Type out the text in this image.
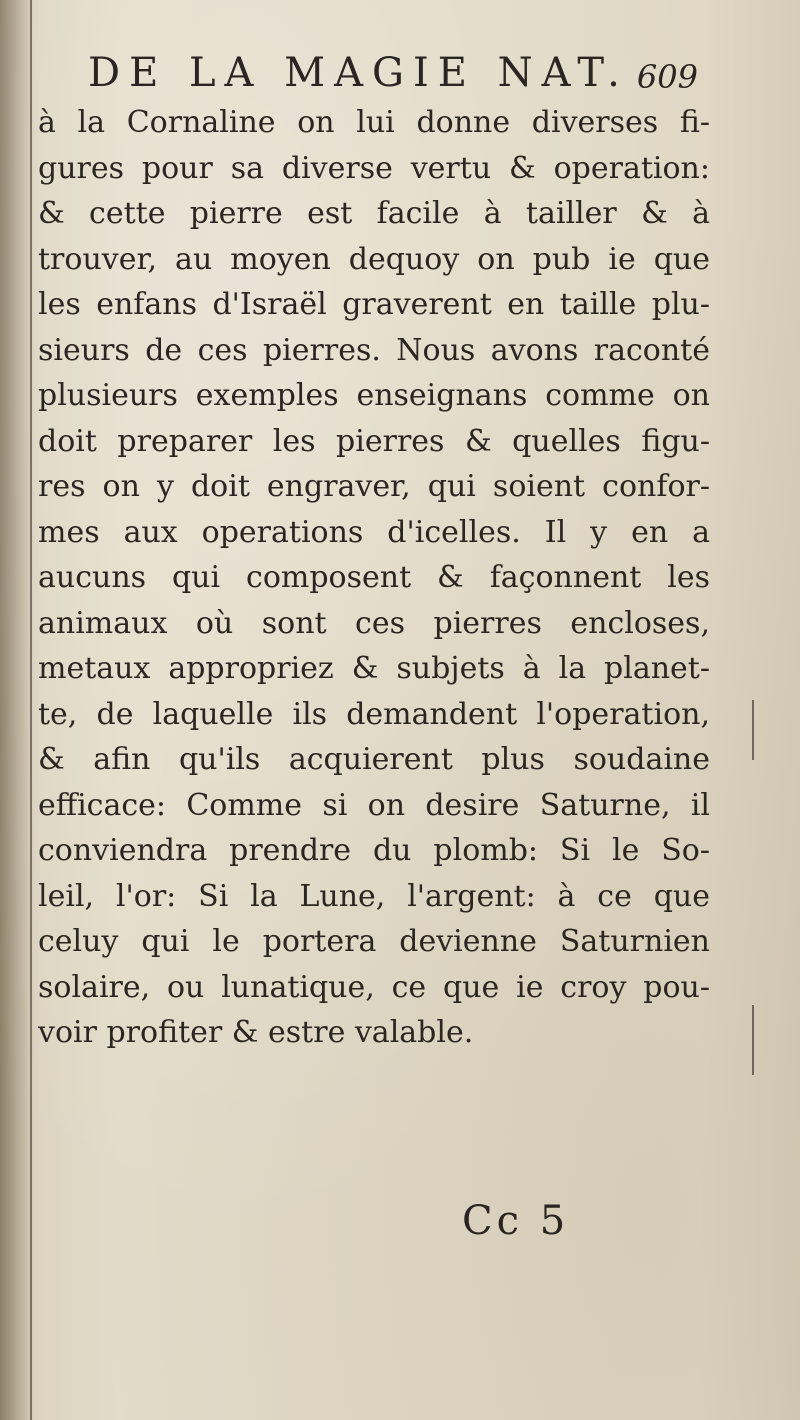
DE LA MAGIE NAT. 609
à la Cornaline on lui donne diverses fi-
gures pour sa diverse vertu & operation:
& cette pierre est facile à tailler & à
trouver, au moyen dequoy on pub ie que
les enfans d'Israël graverent en taille plu-
sieurs de ces pierres. Nous avons raconté
plusieurs exemples enseignans comme on
doit preparer les pierres & quelles figu-
res on y doit engraver, qui soient confor-
mes aux operations d'icelles. Il y en a
aucuns qui composent & façonnent les
animaux où sont ces pierres encloses,
metaux appropriez & subjets à la planet-
te, de laquelle ils demandent l'operation,
& afin qu'ils acquierent plus soudaine
efficace: Comme si on desire Saturne, il
conviendra prendre du plomb: Si le So-
leil, l'or: Si la Lune, l'argent: à ce que
celuy qui le portera devienne Saturnien
solaire, ou lunatique, ce que ie croy pou-
voir profiter & estre valable.
Cc 5
